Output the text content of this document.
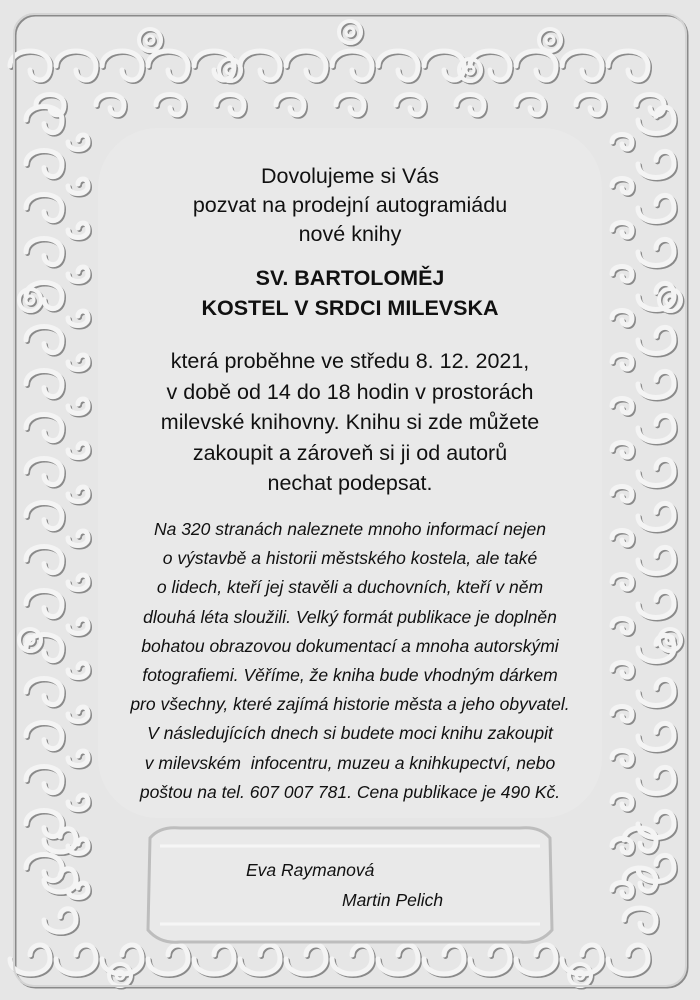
Dovolujeme si Vás
pozvat na prodejní autogramiádu
nové knihy
SV. BARTOLOMĚJ
KOSTEL V SRDCI MILEVSKA
která proběhne ve středu 8. 12. 2021,
v době od 14 do 18 hodin v prostorách
milevské knihovny. Knihu si zde můžete
zakoupit a zároveň si ji od autorů
nechat podepsat.
Na 320 stranách naleznete mnoho informací nejen
o výstavbě a historii městského kostela, ale také
o lidech, kteří jej stavěli a duchovních, kteří v něm
dlouhá léta sloužili. Velký formát publikace je doplněn
bohatou obrazovou dokumentací a mnoha autorskými
fotografiemi. Věříme, že kniha bude vhodným dárkem
pro všechny, které zajímá historie města a jeho obyvatel.
V následujících dnech si budete moci knihu zakoupit
v milevském  infocentru, muzeu a knihkupectví, nebo
poštou na tel. 607 007 781. Cena publikace je 490 Kč.
Eva Raymanová
Martin Pelich
